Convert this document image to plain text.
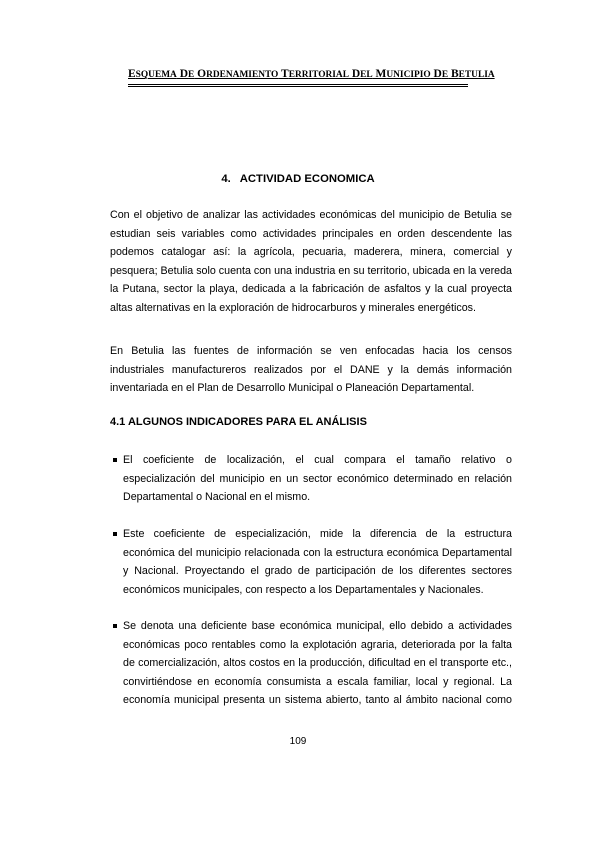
ESQUEMA DE ORDENAMIENTO TERRITORIAL DEL MUNICIPIO DE BETULIA
4.   ACTIVIDAD ECONOMICA
Con el objetivo de analizar las actividades económicas del municipio de Betulia se
estudian seis variables como actividades principales en orden descendente las
podemos catalogar así: la agrícola, pecuaria, maderera, minera, comercial y
pesquera; Betulia solo cuenta con una industria en su territorio, ubicada en la vereda
la Putana, sector la playa, dedicada a la fabricación de asfaltos y la cual proyecta
altas alternativas en la exploración de hidrocarburos y minerales energéticos.
En Betulia las fuentes de información se ven enfocadas hacia los censos
industriales manufactureros realizados por el DANE y la demás información
inventariada en el Plan de Desarrollo Municipal o Planeación Departamental.
4.1 ALGUNOS INDICADORES PARA EL ANÁLISIS
El coeficiente de localización, el cual compara el tamaño relativo o
especialización del municipio en un sector económico determinado en relación
Departamental o Nacional en el mismo.
Este coeficiente de especialización, mide la diferencia de la estructura
económica del municipio relacionada con la estructura económica Departamental
y Nacional. Proyectando el grado de participación de los diferentes sectores
económicos municipales, con respecto a los Departamentales y Nacionales.
Se denota una deficiente base económica municipal, ello debido a actividades
económicas poco rentables como la explotación agraria, deteriorada por la falta
de comercialización, altos costos en la producción, dificultad en el transporte etc.,
convirtiéndose en economía consumista a escala familiar, local y regional. La
economía municipal presenta un sistema abierto, tanto al ámbito nacional como
109
